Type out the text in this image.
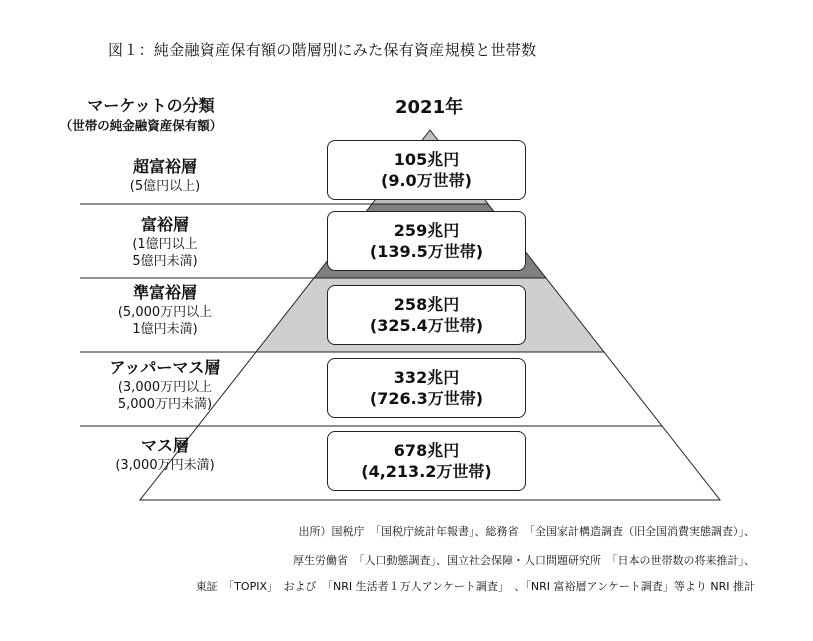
図１：純金融資産保有額の階層別にみた保有資産規模と世帯数
マーケットの分類
（世帯の純金融資産保有額）
2021年
超富裕層
(5億円以上)
富裕層
(1億円以上
5億円未満)
準富裕層
(5,000万円以上
1億円未満)
アッパーマス層
(3,000万円以上
5,000万円未満)
マス層
(3,000万円未満)
105兆円
(9.0万世帯)
259兆円
(139.5万世帯)
258兆円
(325.4万世帯)
332兆円
(726.3万世帯)
678兆円
(4,213.2万世帯)
出所）国税庁　「国税庁統計年報書」、総務省　「全国家計構造調査（旧全国消費実態調査）」、
厚生労働省　「人口動態調査」、国立社会保障・人口問題研究所　「日本の世帯数の将来推計」、
東証　「TOPIX」　および　「NRI 生活者１万人アンケート調査」　、「NRI 富裕層アンケート調査」等より NRI 推計
